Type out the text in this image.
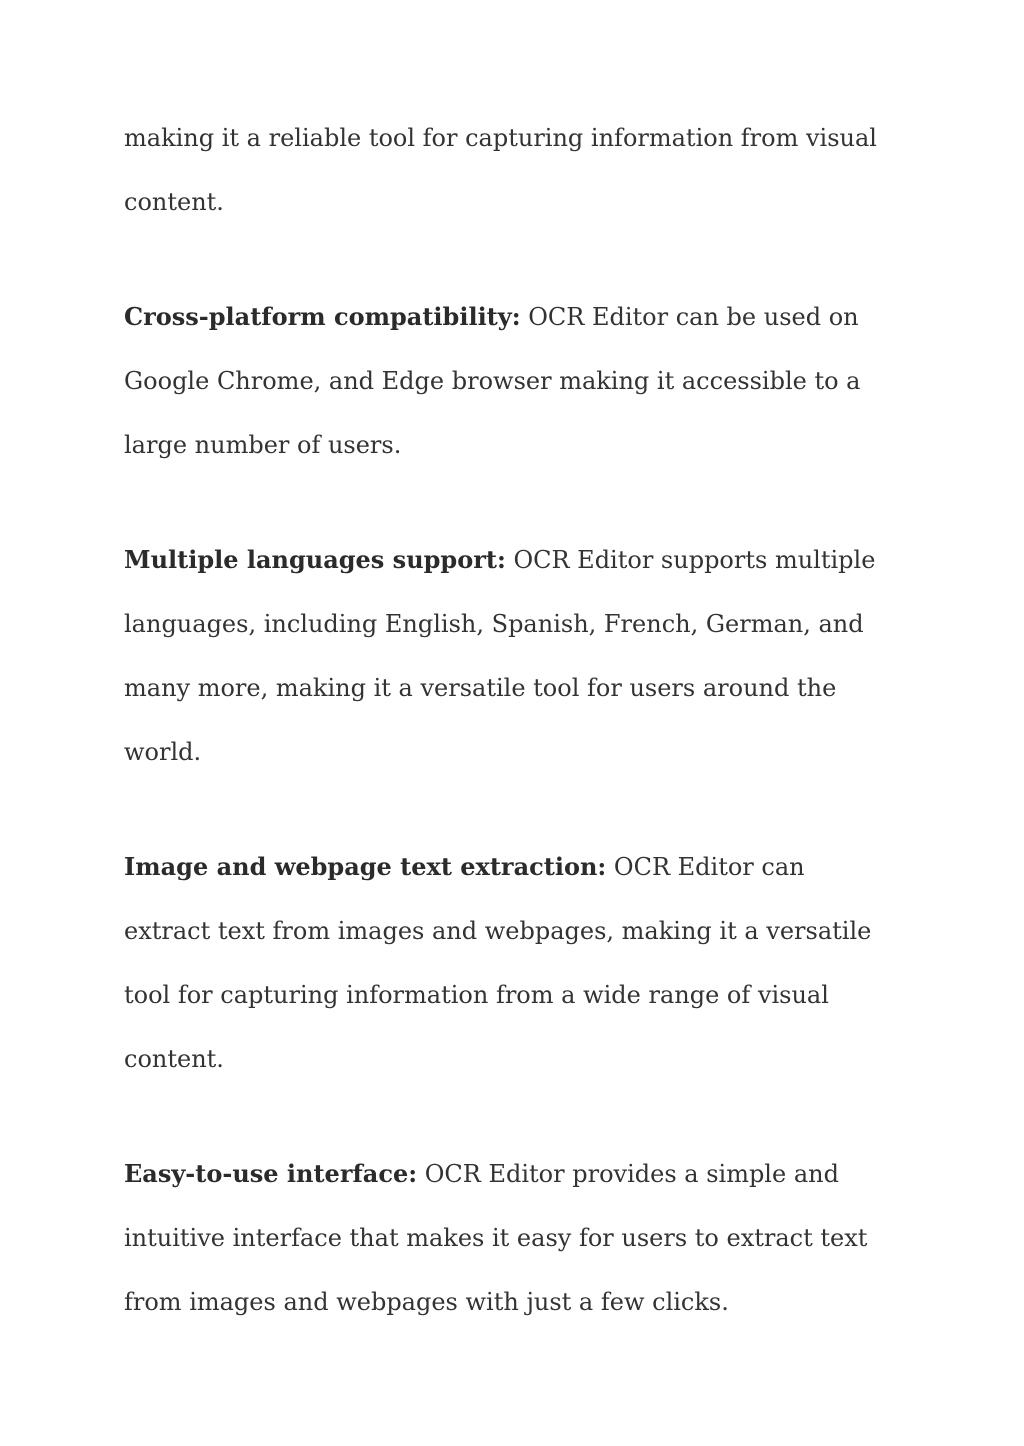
making it a reliable tool for capturing information from visual content.

Cross-platform compatibility: OCR Editor can be used on Google Chrome, and Edge browser making it accessible to a large number of users.

Multiple languages support: OCR Editor supports multiple languages, including English, Spanish, French, German, and many more, making it a versatile tool for users around the world.

Image and webpage text extraction: OCR Editor can extract text from images and webpages, making it a versatile tool for capturing information from a wide range of visual content.

Easy-to-use interface: OCR Editor provides a simple and intuitive interface that makes it easy for users to extract text from images and webpages with just a few clicks.
